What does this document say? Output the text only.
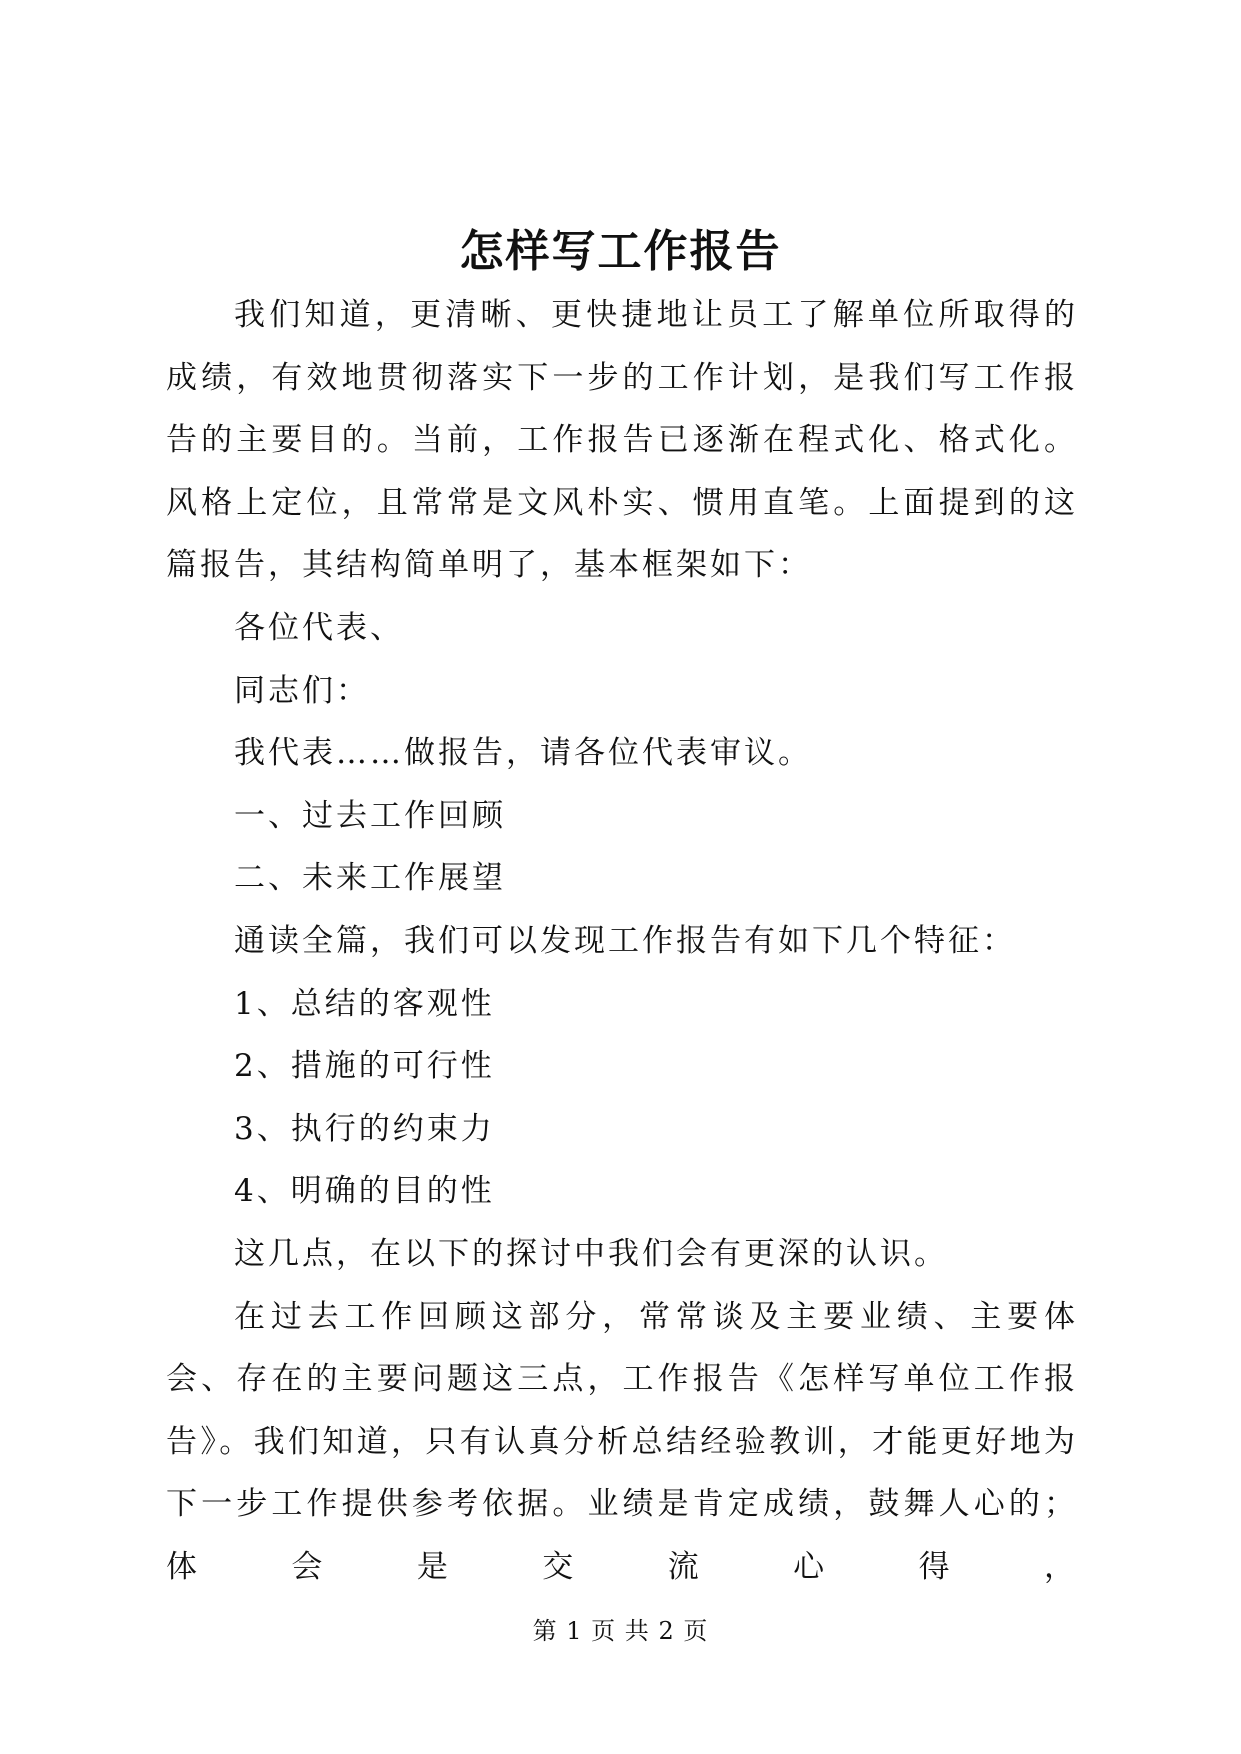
怎样写工作报告

我们知道，更清晰、更快捷地让员工了解单位所取得的成绩，有效地贯彻落实下一步的工作计划，是我们写工作报告的主要目的。当前，工作报告已逐渐在程式化、格式化。风格上定位，且常常是文风朴实、惯用直笔。上面提到的这篇报告，其结构简单明了，基本框架如下：

各位代表、

同志们：

我代表……做报告，请各位代表审议。

一、过去工作回顾

二、未来工作展望

通读全篇，我们可以发现工作报告有如下几个特征：

1、总结的客观性

2、措施的可行性

3、执行的约束力

4、明确的目的性

这几点，在以下的探讨中我们会有更深的认识。

在过去工作回顾这部分，常常谈及主要业绩、主要体会、存在的主要问题这三点，工作报告《怎样写单位工作报告》。我们知道，只有认真分析总结经验教训，才能更好地为下一步工作提供参考依据。业绩是肯定成绩，鼓舞人心的；体会是交流心得，

第 1 页 共 2 页
